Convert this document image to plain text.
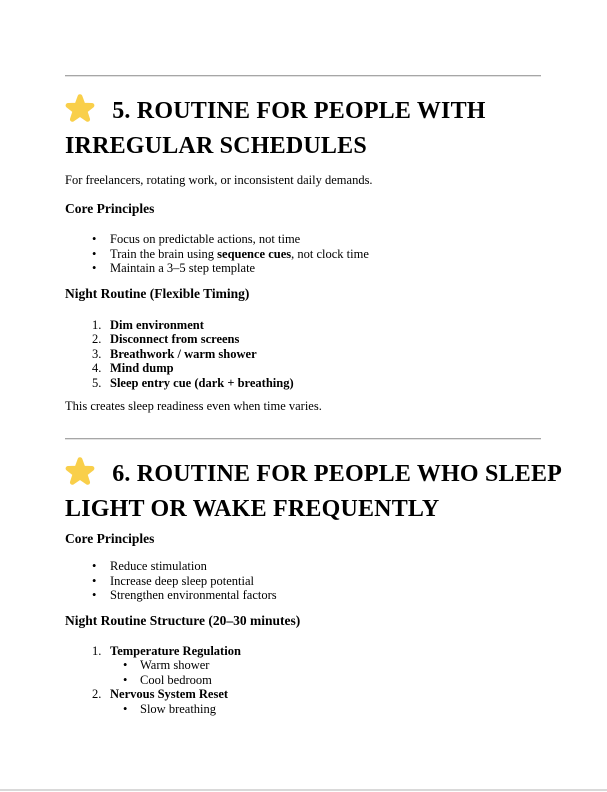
5. ROUTINE FOR PEOPLE WITH IRREGULAR SCHEDULES

For freelancers, rotating work, or inconsistent daily demands.

Core Principles
•	Focus on predictable actions, not time
•	Train the brain using sequence cues, not clock time
•	Maintain a 3–5 step template
Night Routine (Flexible Timing)
1. Dim environment
2. Disconnect from screens
3. Breathwork / warm shower
4. Mind dump
5. Sleep entry cue (dark + breathing)

This creates sleep readiness even when time varies.

6. ROUTINE FOR PEOPLE WHO SLEEP LIGHT OR WAKE FREQUENTLY
Core Principles
•	Reduce stimulation
•	Increase deep sleep potential
•	Strengthen environmental factors
Night Routine Structure (20–30 minutes)
1. Temperature Regulation
•	Warm shower
•	Cool bedroom
2. Nervous System Reset
•	Slow breathing
